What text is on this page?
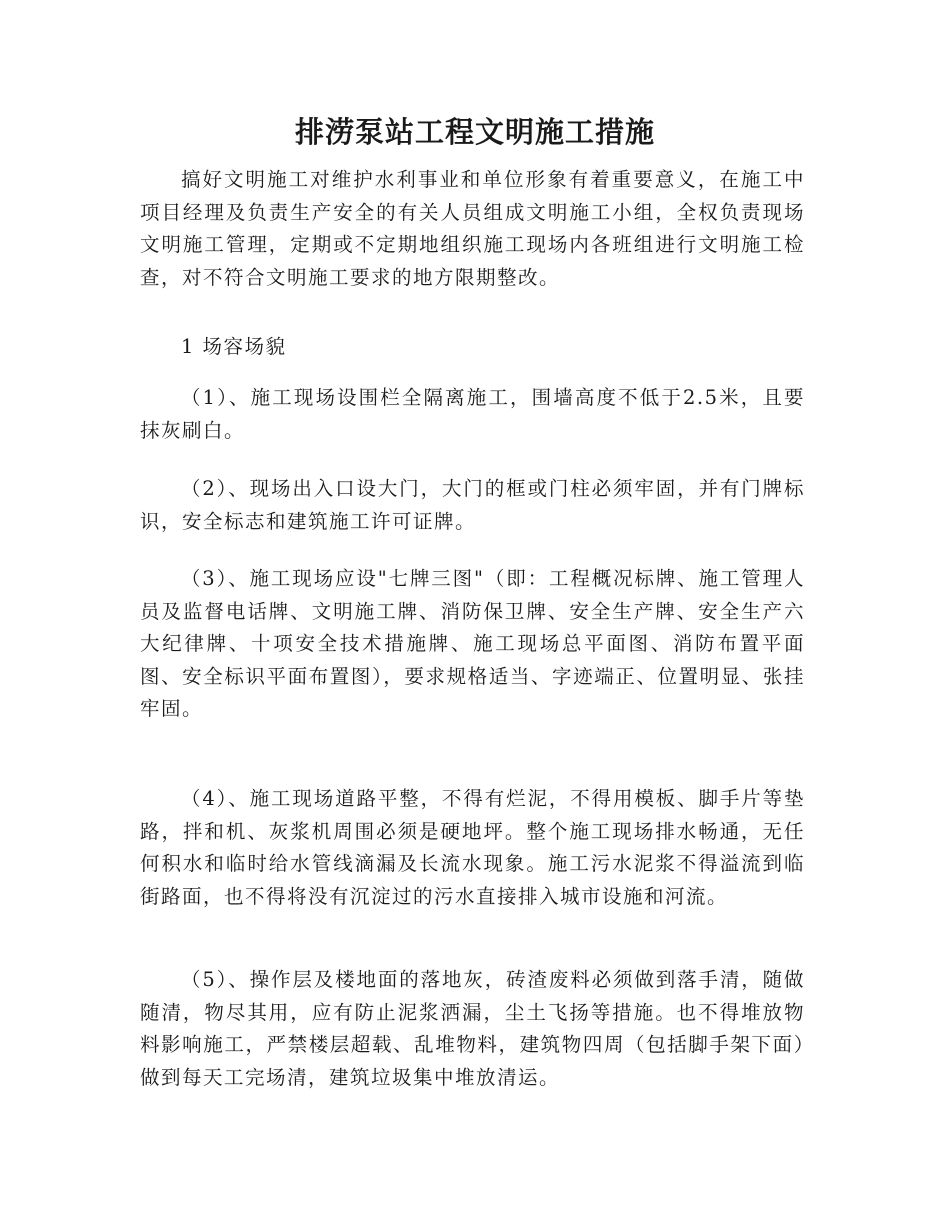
排涝泵站工程文明施工措施

搞好文明施工对维护水利事业和单位形象有着重要意义，在施工中项目经理及负责生产安全的有关人员组成文明施工小组，全权负责现场文明施工管理，定期或不定期地组织施工现场内各班组进行文明施工检查，对不符合文明施工要求的地方限期整改。

1 场容场貌

（1）、施工现场设围栏全隔离施工，围墙高度不低于2.5米，且要抹灰刷白。

（2）、现场出入口设大门，大门的框或门柱必须牢固，并有门牌标识，安全标志和建筑施工许可证牌。

（3）、施工现场应设"七牌三图"（即：工程概况标牌、施工管理人员及监督电话牌、文明施工牌、消防保卫牌、安全生产牌、安全生产六大纪律牌、十项安全技术措施牌、施工现场总平面图、消防布置平面图、安全标识平面布置图），要求规格适当、字迹端正、位置明显、张挂牢固。

（4）、施工现场道路平整，不得有烂泥，不得用模板、脚手片等垫路，拌和机、灰浆机周围必须是硬地坪。整个施工现场排水畅通，无任何积水和临时给水管线滴漏及长流水现象。施工污水泥浆不得溢流到临街路面，也不得将没有沉淀过的污水直接排入城市设施和河流。

（5）、操作层及楼地面的落地灰，砖渣废料必须做到落手清，随做随清，物尽其用，应有防止泥浆洒漏，尘土飞扬等措施。也不得堆放物料影响施工，严禁楼层超载、乱堆物料，建筑物四周（包括脚手架下面）做到每天工完场清，建筑垃圾集中堆放清运。
